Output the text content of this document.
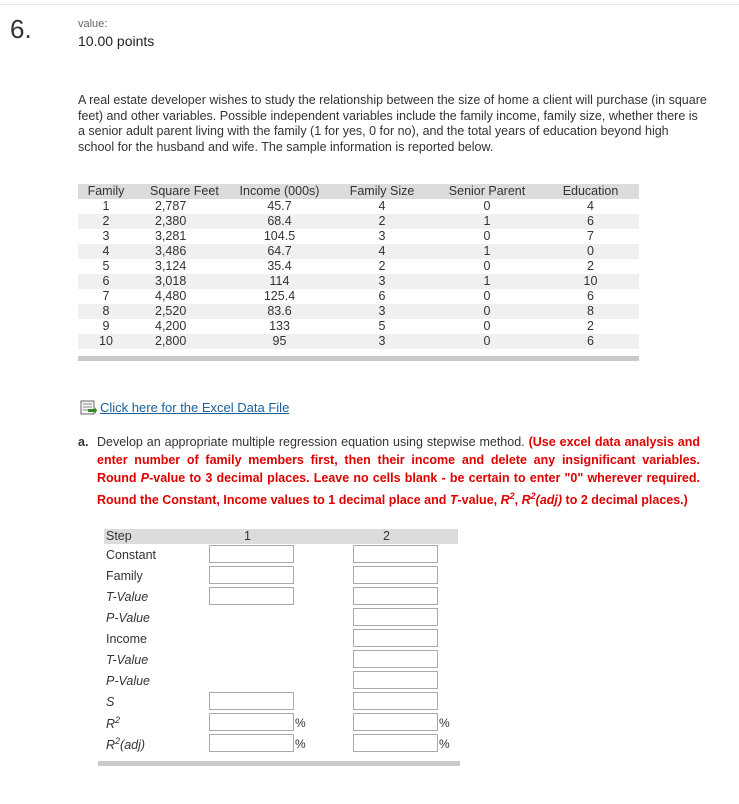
6.	value:
10.00 points
A real estate developer wishes to study the relationship between the size of home a client will purchase (in square feet) and other variables. Possible independent variables include the family income, family size, whether there is a senior adult parent living with the family (1 for yes, 0 for no), and the total years of education beyond high school for the husband and wife. The sample information is reported below.
Family	Square Feet	Income (000s)	Family Size	Senior Parent	Education
1	2,787	45.7	4	0	4
2	2,380	68.4	2	1	6
3	3,281	104.5	3	0	7
4	3,486	64.7	4	1	0
5	3,124	35.4	2	0	2
6	3,018	114	3	1	10
7	4,480	125.4	6	0	6
8	2,520	83.6	3	0	8
9	4,200	133	5	0	2
10	2,800	95	3	0	6
Click here for the Excel Data File
a. Develop an appropriate multiple regression equation using stepwise method. (Use excel data analysis and enter number of family members first, then their income and delete any insignificant variables. Round P-value to 3 decimal places. Leave no cells blank - be certain to enter "0" wherever required. Round the Constant, Income values to 1 decimal place and T-value, $R^2$, $R^2(adj)$ to 2 decimal places.)
Step	1	2
Constant
Family
T-Value
P-Value
Income
T-Value
P-Value
S
$R^2$	%	%
$R^2(adj)$	%	%
